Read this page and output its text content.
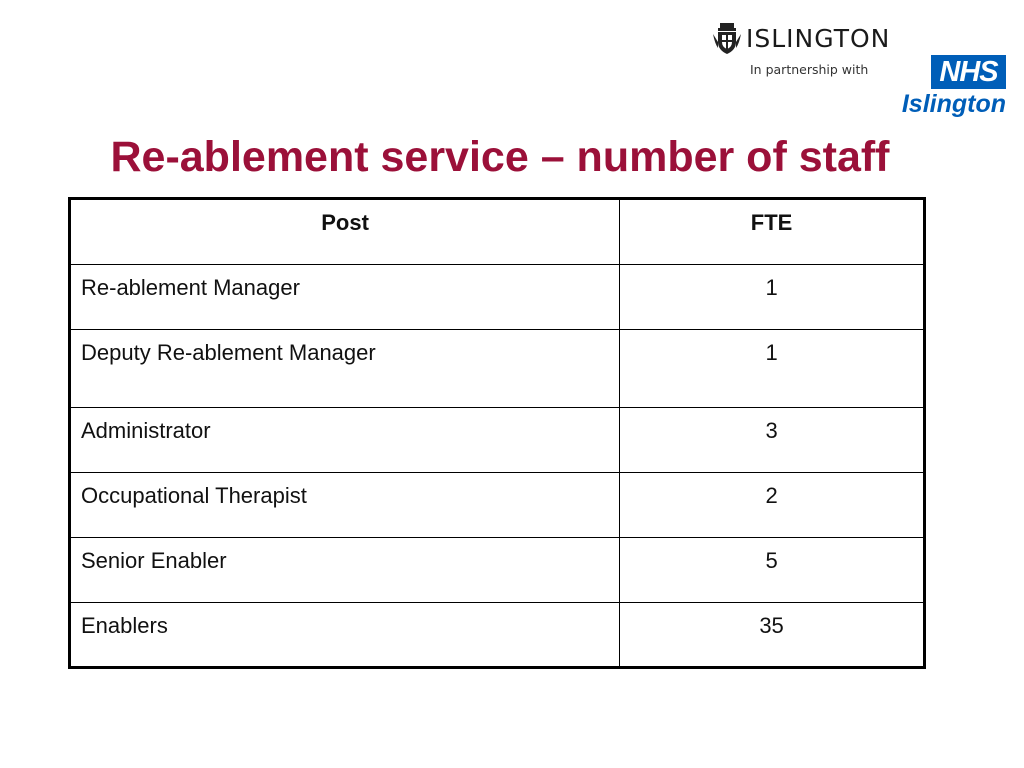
ISLINGTON
In partnership with NHS
Islington
Re-ablement service – number of staff
Post	FTE
Re-ablement Manager	1
Deputy Re-ablement Manager	1
Administrator	3
Occupational Therapist	2
Senior Enabler	5
Enablers	35
